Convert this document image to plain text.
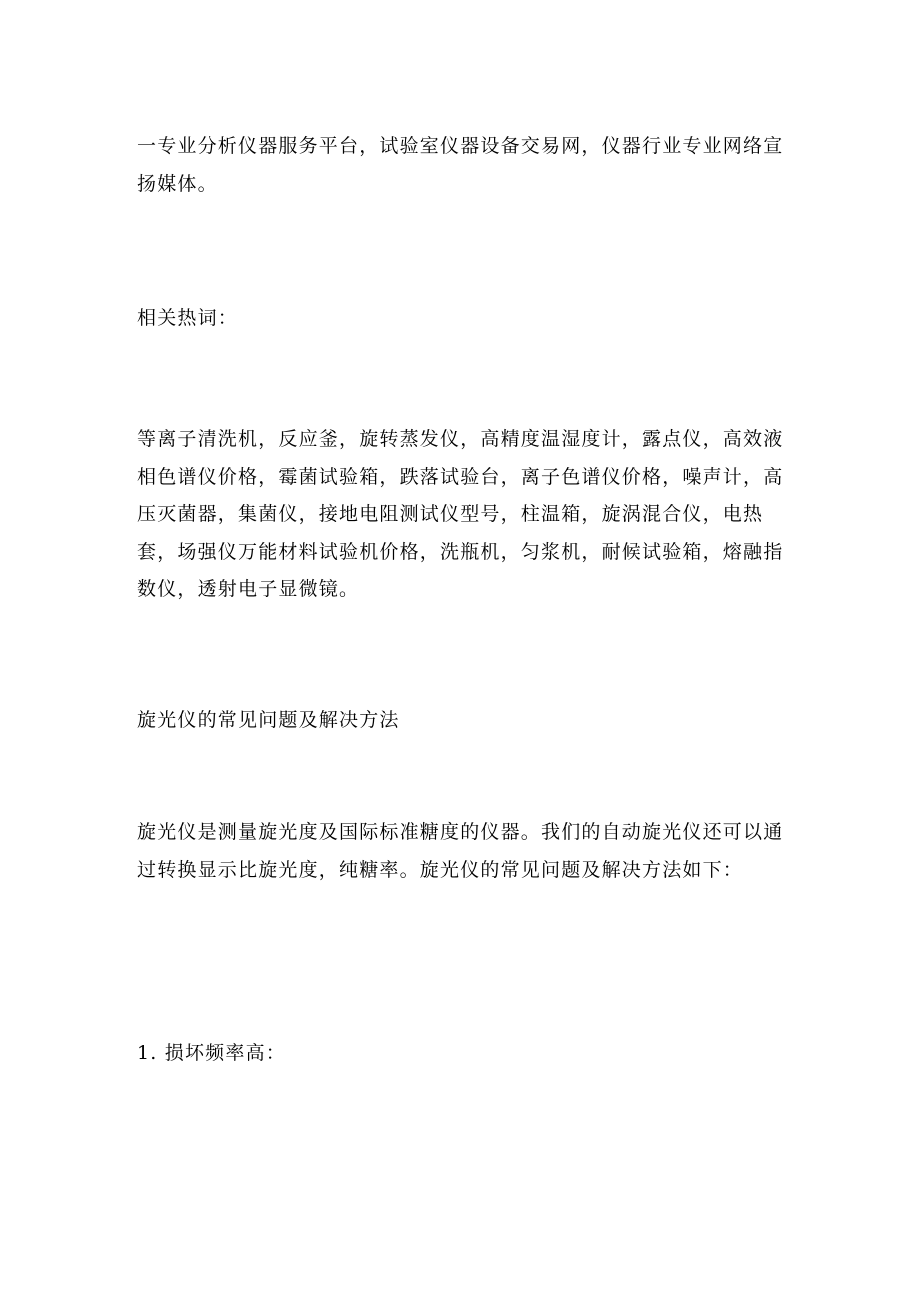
一专业分析仪器服务平台，试验室仪器设备交易网，仪器行业专业网络宣扬媒体。

相关热词：

等离子清洗机，反应釜，旋转蒸发仪，高精度温湿度计，露点仪，高效液相色谱仪价格，霉菌试验箱，跌落试验台，离子色谱仪价格，噪声计，高压灭菌器，集菌仪，接地电阻测试仪型号，柱温箱，旋涡混合仪，电热套，场强仪万能材料试验机价格，洗瓶机，匀浆机，耐候试验箱，熔融指数仪，透射电子显微镜。

旋光仪的常见问题及解决方法

旋光仪是测量旋光度及国际标准糖度的仪器。我们的自动旋光仪还可以通过转换显示比旋光度，纯糖率。旋光仪的常见问题及解决方法如下：

1. 损坏频率高：
